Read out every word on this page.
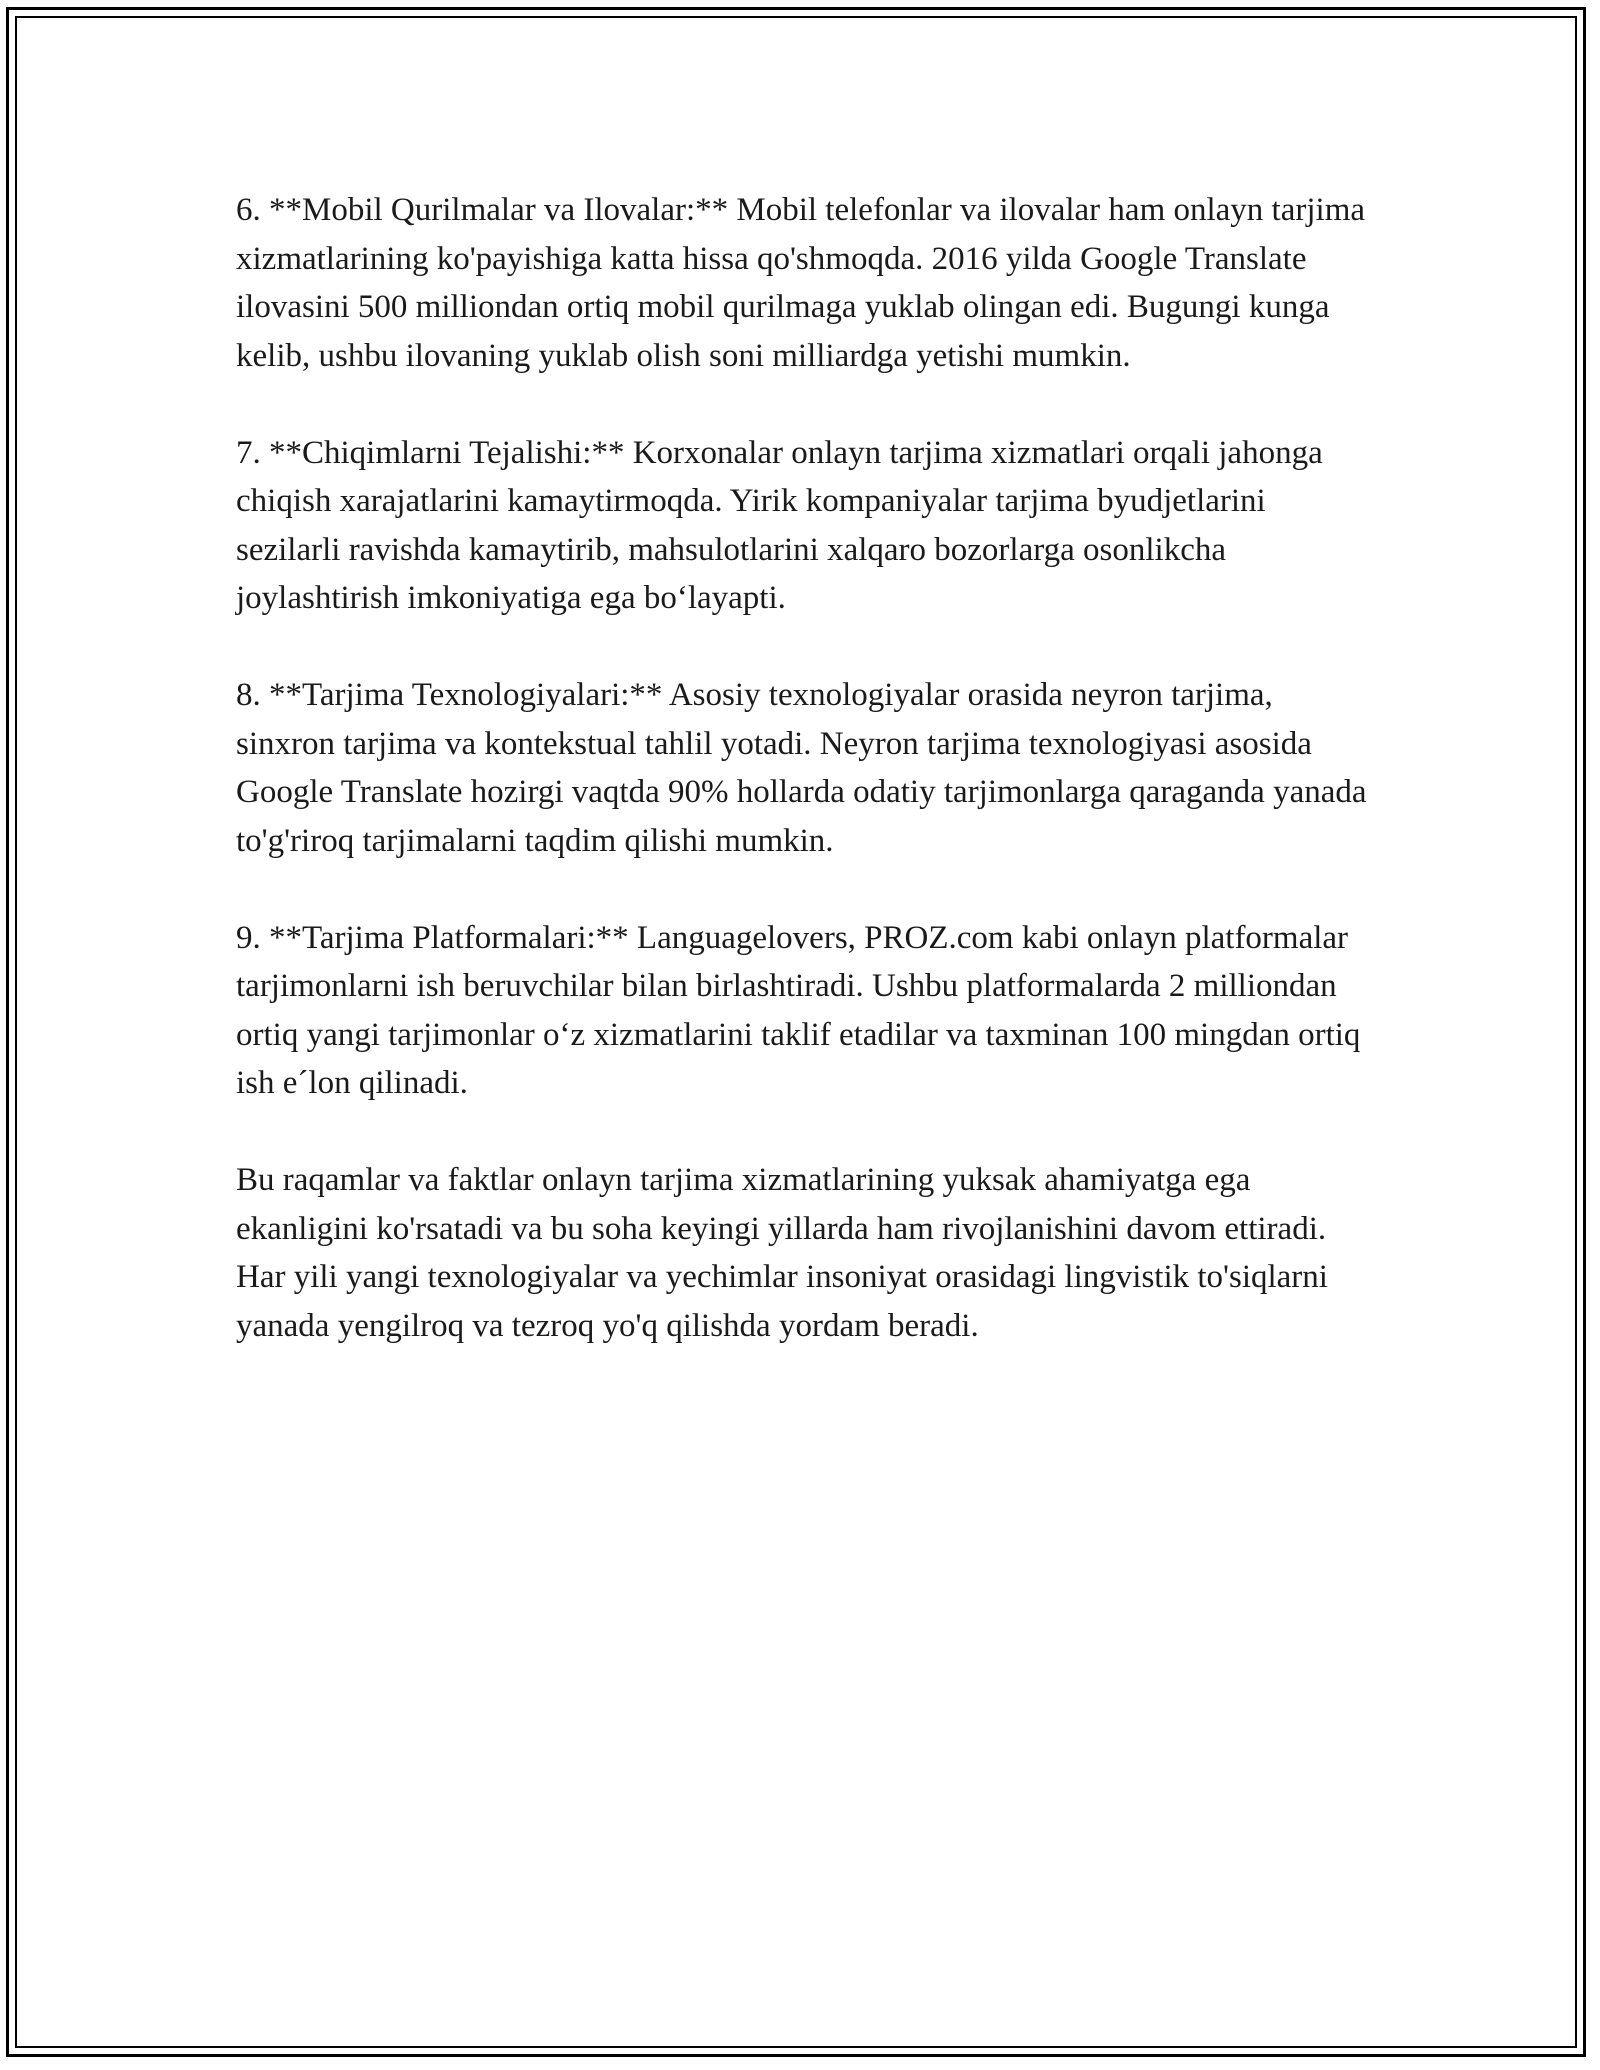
6. **Mobil Qurilmalar va Ilovalar:** Mobil telefonlar va ilovalar ham onlayn tarjima xizmatlarining ko'payishiga katta hissa qo'shmoqda. 2016 yilda Google Translate ilovasini 500 milliondan ortiq mobil qurilmaga yuklab olingan edi. Bugungi kunga kelib, ushbu ilovaning yuklab olish soni milliardga yetishi mumkin.

7. **Chiqimlarni Tejalishi:** Korxonalar onlayn tarjima xizmatlari orqali jahonga chiqish xarajatlarini kamaytirmoqda. Yirik kompaniyalar tarjima byudjetlarini sezilarli ravishda kamaytirib, mahsulotlarini xalqaro bozorlarga osonlikcha joylashtirish imkoniyatiga ega bo‘layapti.

8. **Tarjima Texnologiyalari:** Asosiy texnologiyalar orasida neyron tarjima, sinxron tarjima va kontekstual tahlil yotadi. Neyron tarjima texnologiyasi asosida Google Translate hozirgi vaqtda 90% hollarda odatiy tarjimonlarga qaraganda yanada to'g'riroq tarjimalarni taqdim qilishi mumkin.

9. **Tarjima Platformalari:** Languagelovers, PROZ.com kabi onlayn platformalar tarjimonlarni ish beruvchilar bilan birlashtiradi. Ushbu platformalarda 2 milliondan ortiq yangi tarjimonlar o‘z xizmatlarini taklif etadilar va taxminan 100 mingdan ortiq ish e´lon qilinadi.

Bu raqamlar va faktlar onlayn tarjima xizmatlarining yuksak ahamiyatga ega ekanligini ko'rsatadi va bu soha keyingi yillarda ham rivojlanishini davom ettiradi. Har yili yangi texnologiyalar va yechimlar insoniyat orasidagi lingvistik to'siqlarni yanada yengilroq va tezroq yo'q qilishda yordam beradi.
